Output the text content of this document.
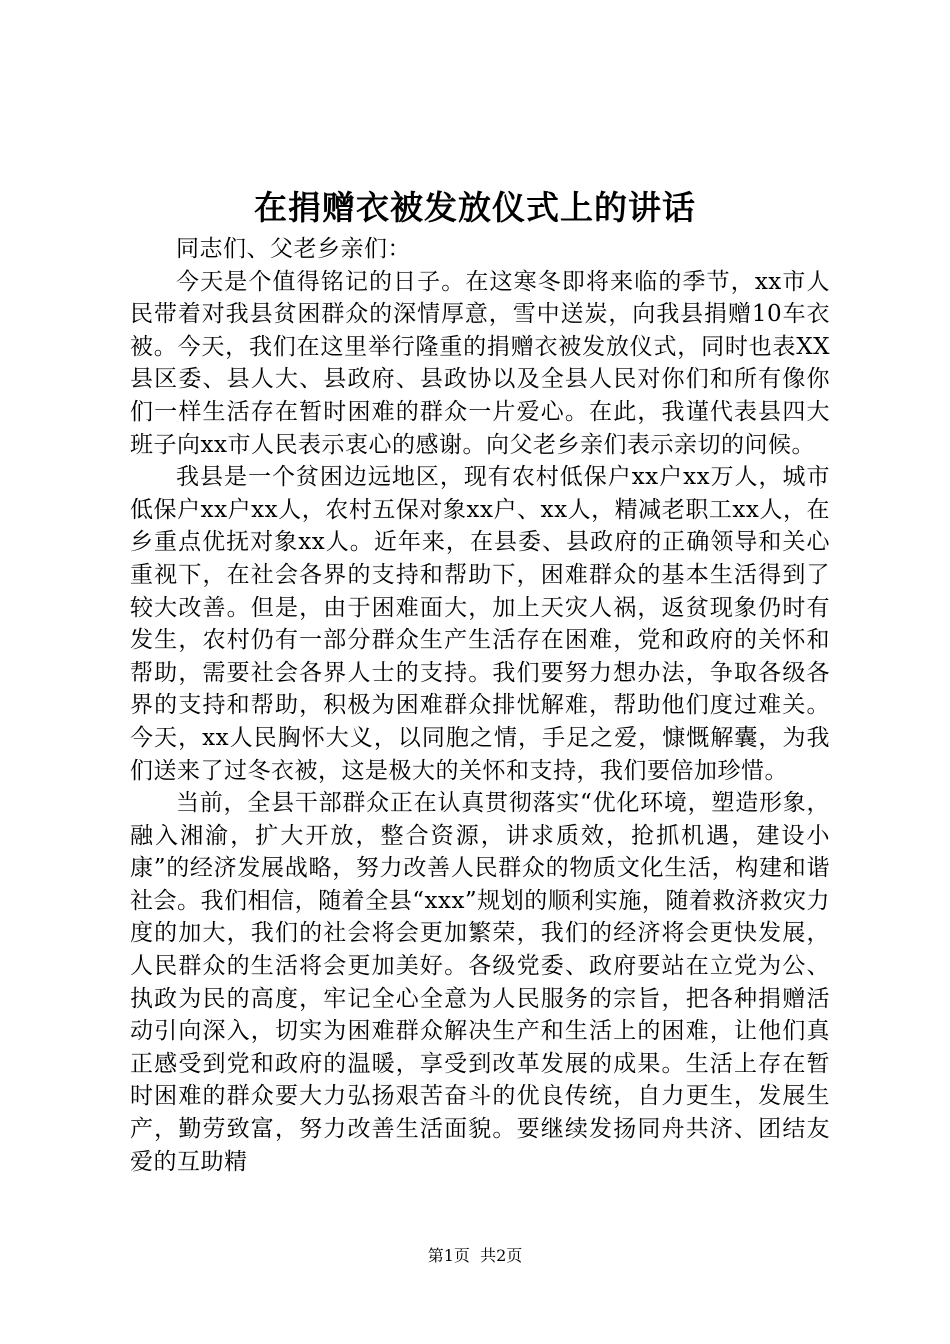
在捐赠衣被发放仪式上的讲话

同志们、父老乡亲们：

今天是个值得铭记的日子。在这寒冬即将来临的季节，xx市人民带着对我县贫困群众的深情厚意，雪中送炭，向我县捐赠10车衣被。今天，我们在这里举行隆重的捐赠衣被发放仪式，同时也表XX县区委、县人大、县政府、县政协以及全县人民对你们和所有像你们一样生活存在暂时困难的群众一片爱心。在此，我谨代表县四大班子向xx市人民表示衷心的感谢。向父老乡亲们表示亲切的问候。

我县是一个贫困边远地区，现有农村低保户xx户xx万人，城市低保户xx户xx人，农村五保对象xx户、xx人，精减老职工xx人，在乡重点优抚对象xx人。近年来，在县委、县政府的正确领导和关心重视下，在社会各界的支持和帮助下，困难群众的基本生活得到了较大改善。但是，由于困难面大，加上天灾人祸，返贫现象仍时有发生，农村仍有一部分群众生产生活存在困难，党和政府的关怀和帮助，需要社会各界人士的支持。我们要努力想办法，争取各级各界的支持和帮助，积极为困难群众排忧解难，帮助他们度过难关。今天，xx人民胸怀大义，以同胞之情，手足之爱，慷慨解囊，为我们送来了过冬衣被，这是极大的关怀和支持，我们要倍加珍惜。

当前，全县干部群众正在认真贯彻落实“优化环境，塑造形象，融入湘渝，扩大开放，整合资源，讲求质效，抢抓机遇，建设小康”的经济发展战略，努力改善人民群众的物质文化生活，构建和谐社会。我们相信，随着全县“xxx”规划的顺利实施，随着救济救灾力度的加大，我们的社会将会更加繁荣，我们的经济将会更快发展，人民群众的生活将会更加美好。各级党委、政府要站在立党为公、执政为民的高度，牢记全心全意为人民服务的宗旨，把各种捐赠活动引向深入，切实为困难群众解决生产和生活上的困难，让他们真正感受到党和政府的温暖，享受到改革发展的成果。生活上存在暂时困难的群众要大力弘扬艰苦奋斗的优良传统，自力更生，发展生产，勤劳致富，努力改善生活面貌。要继续发扬同舟共济、团结友爱的互助精

第1页 共2页
